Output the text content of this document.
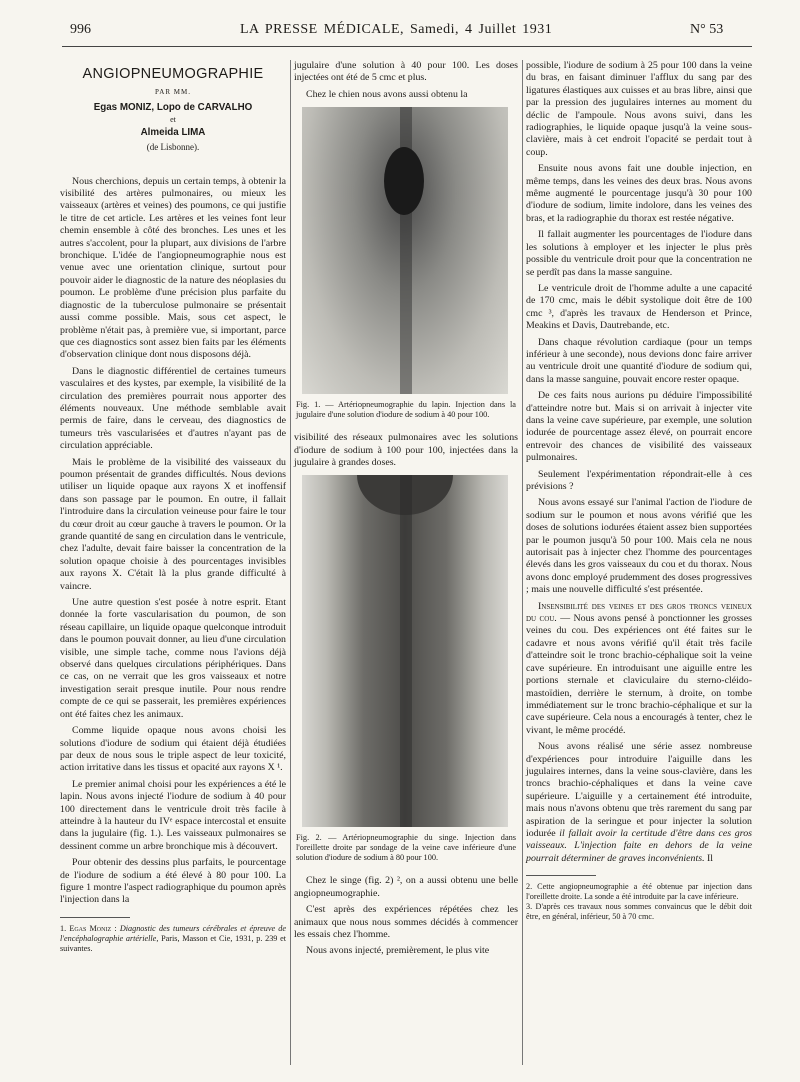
996	LA PRESSE MÉDICALE, Samedi, 4 Juillet 1931	N° 53
ANGIOPNEUMOGRAPHIE
PAR MM.
Egas MONIZ, Lopo de CARVALHO
et
Almeida LIMA
(de Lisbonne).

Nous cherchions, depuis un certain temps, à obtenir la visibilité des artères pulmonaires, ou mieux les vaisseaux (artères et veines) des poumons, ce qui justifie le titre de cet article. Les artères et les veines font leur chemin ensemble à côté des bronches. Les unes et les autres s'accolent, pour la plupart, aux divisions de l'arbre bronchique. L'idée de l'angiopneumographie nous est venue avec une orientation clinique, surtout pour pouvoir aider le diagnostic de la nature des néoplasies du poumon. Le problème d'une précision plus parfaite du diagnostic de la tuberculose pulmonaire se présentait aussi comme possible. Mais, sous cet aspect, le problème n'était pas, à première vue, si important, parce que ces diagnostics sont assez bien faits par les éléments d'observation clinique dont nous disposons déjà.

Dans le diagnostic différentiel de certaines tumeurs vasculaires et des kystes, par exemple, la visibilité de la circulation des premières pourrait nous apporter des éléments nouveaux. Une méthode semblable avait permis de faire, dans le cerveau, des diagnostics de tumeurs très vascularisées et d'autres n'ayant pas de circulation appréciable.

Mais le problème de la visibilité des vaisseaux du poumon présentait de grandes difficultés. Nous devions utiliser un liquide opaque aux rayons X et inoffensif dans son passage par le poumon. En outre, il fallait l'introduire dans la circulation veineuse pour faire le tour du cœur droit au cœur gauche à travers le poumon. Or la grande quantité de sang en circulation dans le ventricule, chez l'adulte, devait faire baisser la concentration de la solution opaque choisie à des pourcentages invisibles aux rayons X. C'était là la plus grande difficulté à vaincre.

Une autre question s'est posée à notre esprit. Etant donnée la forte vascularisation du poumon, de son réseau capillaire, un liquide opaque quelconque introduit dans le poumon pouvait donner, au lieu d'une circulation visible, une simple tache, comme nous l'avions déjà observé dans quelques circulations périphériques. Dans ce cas, on ne verrait que les gros vaisseaux et notre investigation serait presque inutile. Pour nous rendre compte de ce qui se passerait, les premières expériences ont été faites chez les animaux.

Comme liquide opaque nous avons choisi les solutions d'iodure de sodium qui étaient déjà étudiées par deux de nous sous le triple aspect de leur toxicité, action irritative dans les tissus et opacité aux rayons X ¹.

Le premier animal choisi pour les expériences a été le lapin. Nous avons injecté l'iodure de sodium à 40 pour 100 directement dans le ventricule droit très facile à atteindre à la hauteur du IVᵉ espace intercostal et ensuite dans la jugulaire (fig. 1.). Les vaisseaux pulmonaires se dessinent comme un arbre bronchique mis à découvert.

Pour obtenir des dessins plus parfaits, le pourcentage de l'iodure de sodium a été élevé à 80 pour 100. La figure 1 montre l'aspect radiographique du poumon après l'injection dans la

1. Egas Moniz : Diagnostic des tumeurs cérébrales et épreuve de l'encéphalographie artérielle, Paris, Masson et Cie, 1931, p. 239 et suivantes.

jugulaire d'une solution à 40 pour 100. Les doses injectées ont été de 5 cmc et plus.

Chez le chien nous avons aussi obtenu la

Fig. 1. — Artériopneumographie du lapin. Injection dans la jugulaire d'une solution d'iodure de sodium à 40 pour 100.

visibilité des réseaux pulmonaires avec les solutions d'iodure de sodium à 100 pour 100, injectées dans la jugulaire à grandes doses.

Fig. 2. — Artériopneumographie du singe. Injection dans l'oreillette droite par sondage de la veine cave inférieure d'une solution d'iodure de sodium à 80 pour 100.

Chez le singe (fig. 2) ², on a aussi obtenu une belle angiopneumographie.

C'est après des expériences répétées chez les animaux que nous nous sommes décidés à commencer les essais chez l'homme.

Nous avons injecté, premièrement, le plus vite

possible, l'iodure de sodium à 25 pour 100 dans la veine du bras, en faisant diminuer l'afflux du sang par des ligatures élastiques aux cuisses et au bras libre, ainsi que par la pression des jugulaires internes au moment du déclic de l'ampoule. Nous avons suivi, dans les radiographies, le liquide opaque jusqu'à la veine sous-clavière, mais à cet endroit l'opacité se perdait tout à coup.

Ensuite nous avons fait une double injection, en même temps, dans les veines des deux bras. Nous avons même augmenté le pourcentage jusqu'à 30 pour 100 d'iodure de sodium, limite indolore, dans les veines des bras, et la radiographie du thorax est restée négative.

Il fallait augmenter les pourcentages de l'iodure dans les solutions à employer et les injecter le plus près possible du ventricule droit pour que la concentration ne se perdît pas dans la masse sanguine.

Le ventricule droit de l'homme adulte a une capacité de 170 cmc, mais le débit systolique doit être de 100 cmc ³, d'après les travaux de Henderson et Prince, Meakins et Davis, Dautrebande, etc.

Dans chaque révolution cardiaque (pour un temps inférieur à une seconde), nous devions donc faire arriver au ventricule droit une quantité d'iodure de sodium qui, dans la masse sanguine, pouvait encore rester opaque.

De ces faits nous aurions pu déduire l'impossibilité d'atteindre notre but. Mais si on arrivait à injecter vite dans la veine cave supérieure, par exemple, une solution iodurée de pourcentage assez élevé, on pourrait encore entrevoir des chances de visibilité des vaisseaux pulmonaires.

Seulement l'expérimentation répondrait-elle à ces prévisions ?

Nous avons essayé sur l'animal l'action de l'iodure de sodium sur le poumon et nous avons vérifié que les doses de solutions iodurées étaient assez bien supportées par le poumon jusqu'à 50 pour 100. Mais cela ne nous autorisait pas à injecter chez l'homme des pourcentages élevés dans les gros vaisseaux du cou et du thorax. Nous avons donc employé prudemment des doses progressives ; mais une nouvelle difficulté s'est présentée.

Insensibilité des veines et des gros troncs veineux du cou. — Nous avons pensé à ponctionner les grosses veines du cou. Des expériences ont été faites sur le cadavre et nous avons vérifié qu'il était très facile d'atteindre soit le tronc brachio-céphalique soit la veine cave supérieure. En introduisant une aiguille entre les portions sternale et claviculaire du sterno-cléido-mastoïdien, derrière le sternum, à droite, on tombe immédiatement sur le tronc brachio-céphalique et sur la cave supérieure. Cela nous a encouragés à tenter, chez le vivant, le même procédé.

Nous avons réalisé une série assez nombreuse d'expériences pour introduire l'aiguille dans les jugulaires internes, dans la veine sous-clavière, dans les troncs brachio-céphaliques et dans la veine cave supérieure. L'aiguille y a certainement été introduite, mais nous n'avons obtenu que très rarement du sang par aspiration de la seringue et pour injecter la solution iodurée il fallait avoir la certitude d'être dans ces gros vaisseaux. L'injection faite en dehors de la veine pourrait déterminer de graves inconvénients. Il

2. Cette angiopneumographie a été obtenue par injection dans l'oreillette droite. La sonde a été introduite par la cave inférieure.
3. D'après ces travaux nous sommes convaincus que le débit doit être, en général, inférieur, 50 à 70 cmc.
